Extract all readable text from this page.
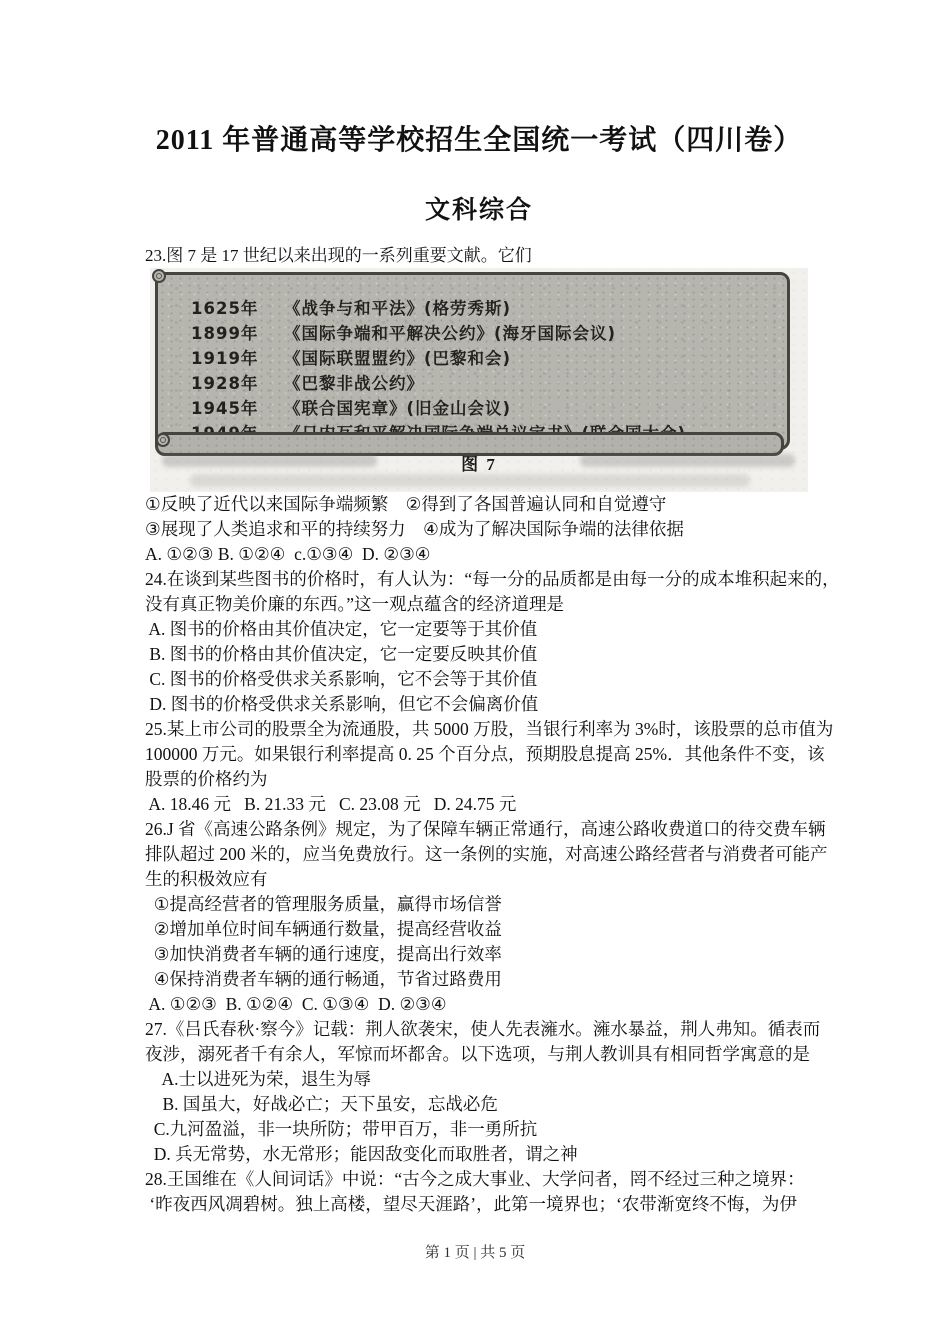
2011 年普通高等学校招生全国统一考试（四川卷）
文科综合
23.图 7 是 17 世纪以来出现的一系列重要文献。它们
1625年	《战争与和平法》(格劳秀斯)
1899年	《国际争端和平解决公约》(海牙国际会议)
1919年	《国际联盟盟约》(巴黎和会)
1928年	《巴黎非战公约》
1945年	《联合国宪章》(旧金山会议)
图 7
①反映了近代以来国际争端频繁　②得到了各国普遍认同和自觉遵守
③展现了人类追求和平的持续努力　④成为了解决国际争端的法律依据
A. ①②③ B. ①②④  c.①③④  D. ②③④
24.在谈到某些图书的价格时，有人认为：“每一分的品质都是由每一分的成本堆积起来的，
没有真正物美价廉的东西。”这一观点蕴含的经济道理是
A. 图书的价格由其价值决定，它一定要等于其价值
B. 图书的价格由其价值决定，它一定要反映其价值
C. 图书的价格受供求关系影响，它不会等于其价值
D. 图书的价格受供求关系影响，但它不会偏离价值
25.某上市公司的股票全为流通股，共 5000 万股，当银行利率为 3%时，该股票的总市值为
100000 万元。如果银行利率提高 0. 25 个百分点，预期股息提高 25%．其他条件不变，该
股票的价格约为
A. 18.46 元   B. 21.33 元   C. 23.08 元   D. 24.75 元
26.J 省《高速公路条例》规定，为了保障车辆正常通行，高速公路收费道口的待交费车辆
排队超过 200 米的，应当免费放行。这一条例的实施，对高速公路经营者与消费者可能产
生的积极效应有
①提高经营者的管理服务质量，赢得市场信誉
②增加单位时间车辆通行数量，提高经营收益
③加快消费者车辆的通行速度，提高出行效率
④保持消费者车辆的通行畅通，节省过路费用
A. ①②③  B. ①②④  C. ①③④  D. ②③④
27.《吕氏春秋·察今》记载：荆人欲袭宋，使人先表澭水。澭水暴益，荆人弗知。循表而
夜涉，溺死者千有余人，军惊而坏都舍。以下选项，与荆人教训具有相同哲学寓意的是
A.士以进死为荣，退生为辱
B. 国虽大，好战必亡；天下虽安，忘战必危
C.九河盈溢，非一块所防；带甲百万，非一勇所抗
D. 兵无常势，水无常形；能因敌变化而取胜者，谓之神
28.王国维在《人间词话》中说：“古今之成大事业、大学问者，罔不经过三种之境界：
‘昨夜西风凋碧树。独上高楼，望尽天涯路’，此第一境界也；‘农带渐宽终不悔，为伊
第 1 页 | 共 5 页
